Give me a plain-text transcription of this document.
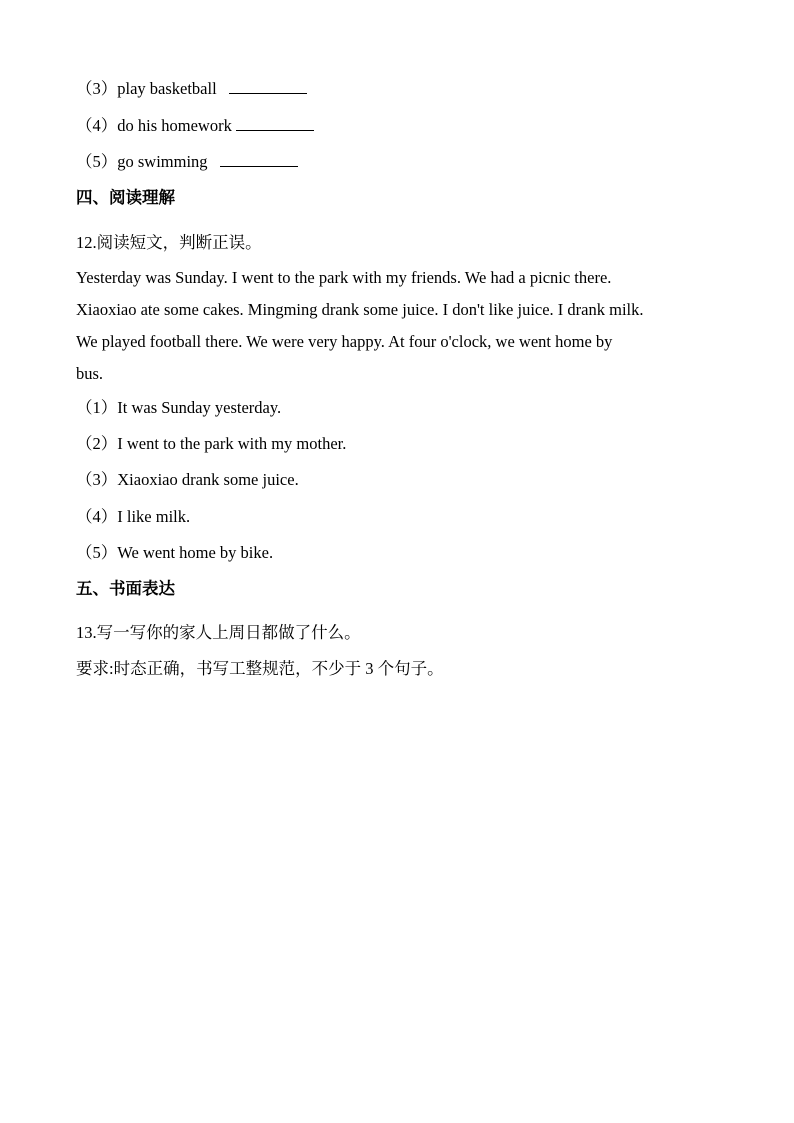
（3）play basketball
（4）do his homework
（5）go swimming
四、阅读理解
12.阅读短文，判断正误。
Yesterday was Sunday. I went to the park with my friends. We had a picnic there.
Xiaoxiao ate some cakes. Mingming drank some juice. I don't like juice. I drank milk.
We played football there. We were very happy. At four o'clock, we went home by
bus.
（1）It was Sunday yesterday.
（2）I went to the park with my mother.
（3）Xiaoxiao drank some juice.
（4）I like milk.
（5）We went home by bike.
五、书面表达
13.写一写你的家人上周日都做了什么。
要求:时态正确，书写工整规范，不少于 3 个句子。
